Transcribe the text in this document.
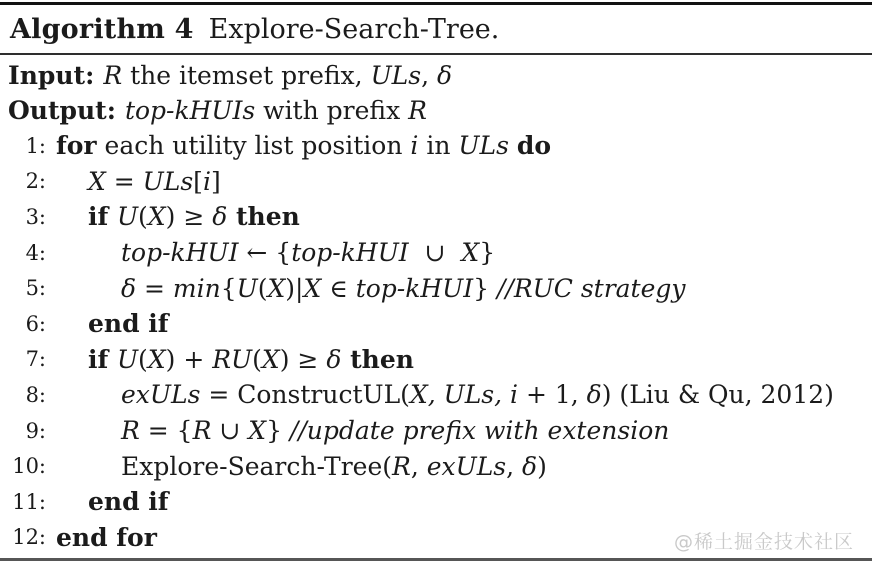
Algorithm 4 Explore-Search-Tree.
Input: R the itemset prefix, ULs, δ
Output: top-kHUIs with prefix R
1: for each utility list position i in ULs
do
2: X = ULs [ i ]
3: if U ( X ) ≥ δ then
4:	top-kHUI ← { top-kHUI ∪ X }
5:	δ = min { U ( X )| X ∈ top-kHUI } //RUC strategy
6: end if
7: if U ( X ) + RU ( X ) ≥ δ then
8:	exULs = ConstructUL( X, ULs, i + 1, δ ) (Liu & Qu, 2012)
9:	R = { R ∪ X } //update prefix with extension
10:	Explore-Search-Tree( R , exULs , δ )
11: end if
12: end for	@稀土掘金技术社区
